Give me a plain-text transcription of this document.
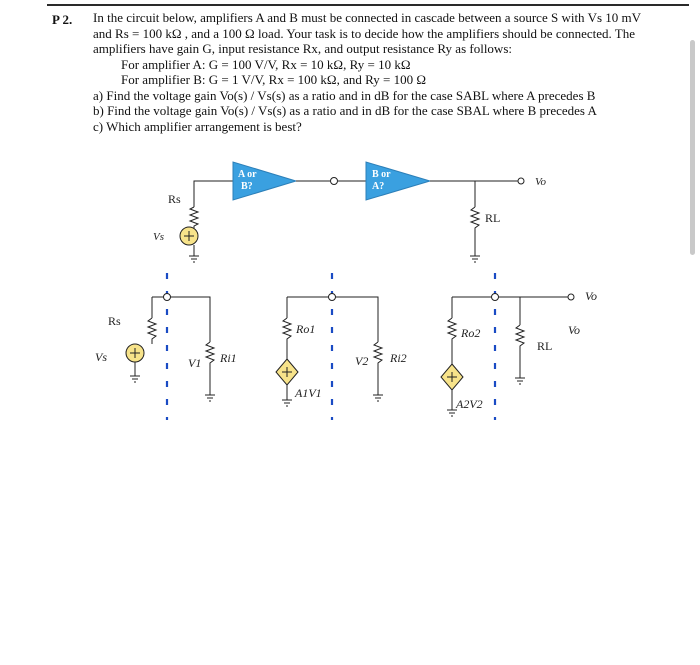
P 2. In the circuit below, amplifiers A and B must be connected in cascade between a source S with Vs 10 mV

and Rs = 100 kΩ , and a 100 Ω load. Your task is to decide how the amplifiers should be connected. The

amplifiers have gain G, input resistance Rx, and output resistance Ry as follows:

For amplifier A: G = 100 V/V, Rx = 10 kΩ, Ry = 10 kΩ

For amplifier B: G = 1 V/V, Rx = 100 kΩ, and Ry = 100 Ω

a) Find the voltage gain Vo(s) / Vs(s) as a ratio and in dB for the case SABL where A precedes B

b) Find the voltage gain Vo(s) / Vs(s) as a ratio and in dB for the case SBAL where B precedes A

c) Which amplifier arrangement is best?

Rs
Vs
A or
B?
B or
A?	Vo
RL
Rs
Vs	V1 Ri1
Ro1
A1V1
V2 Ri2
Ro2
A2V2
Vo
RL
Vo
